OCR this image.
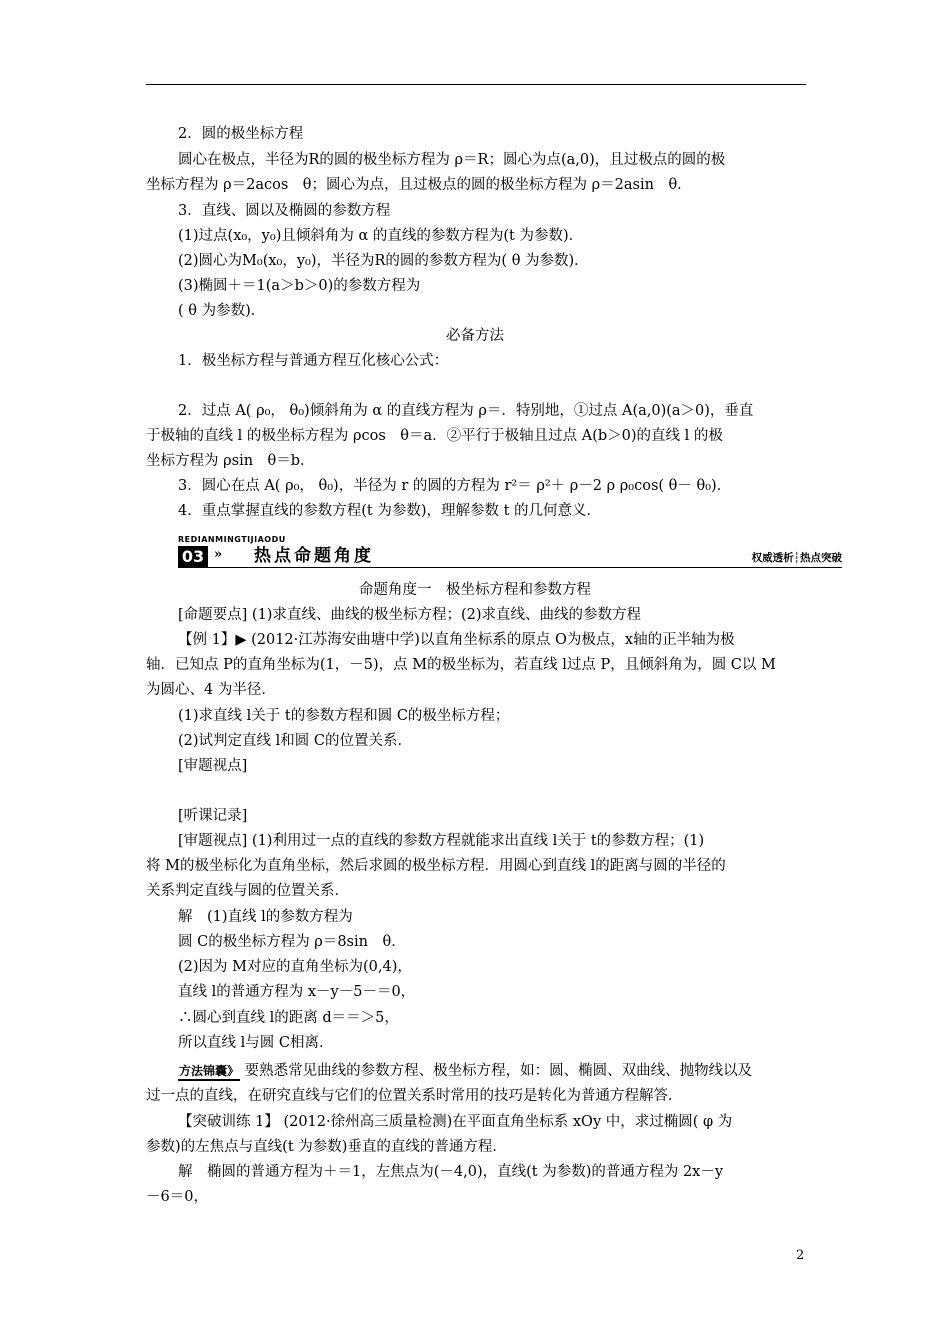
2．圆的极坐标方程
圆心在极点，半径为R的圆的极坐标方程为 ρ＝R；圆心为点(a,0)，且过极点的圆的极
坐标方程为 ρ＝2acos　θ；圆心为点，且过极点的圆的极坐标方程为 ρ＝2asin　θ．
3．直线、圆以及椭圆的参数方程
(1)过点(x₀，y₀)且倾斜角为 α 的直线的参数方程为(t 为参数)．
(2)圆心为M₀(x₀，y₀)，半径为R的圆的参数方程为( θ 为参数)．
(3)椭圆＋＝1(a＞b＞0)的参数方程为
( θ 为参数)．
必备方法
1．极坐标方程与普通方程互化核心公式：
2．过点 A( ρ₀， θ₀)倾斜角为 α 的直线方程为 ρ＝．特别地，①过点 A(a,0)(a＞0)，垂直
于极轴的直线 l 的极坐标方程为 ρcos　θ＝a．②平行于极轴且过点 A(b＞0)的直线 l 的极
坐标方程为 ρsin　θ＝b．
3．圆心在点 A( ρ₀， θ₀)，半径为 r 的圆的方程为 r²＝ ρ²＋ ρ－2 ρ ρ₀cos( θ－ θ₀)．
4．重点掌握直线的参数方程(t 为参数)，理解参数 t 的几何意义．
REDIANMINGTIJIAODU
03 » 热点命题角度	权威透析┆热点突破
命题角度一　极坐标方程和参数方程
[命题要点] (1)求直线、曲线的极坐标方程；(2)求直线、曲线的参数方程
【例 1】▶ (2012·江苏海安曲塘中学)以直角坐标系的原点 O为极点，x轴的正半轴为极
轴．已知点 P的直角坐标为(1，－5)，点 M的极坐标为，若直线 l过点 P，且倾斜角为，圆 C以 M
为圆心、4 为半径．
(1)求直线 l关于 t的参数方程和圆 C的极坐标方程；
(2)试判定直线 l和圆 C的位置关系．
[审题视点]
[听课记录]
[审题视点] (1)利用过一点的直线的参数方程就能求出直线 l关于 t的参数方程；(1)
将 M的极坐标化为直角坐标，然后求圆的极坐标方程．用圆心到直线 l的距离与圆的半径的
关系判定直线与圆的位置关系．
解　(1)直线 l的参数方程为
圆 C的极坐标方程为 ρ＝8sin　θ．
(2)因为 M对应的直角坐标为(0,4)，
直线 l的普通方程为 x－y－5－＝0，
∴圆心到直线 l的距离 d＝＝＞5，
所以直线 l与圆 C相离．
方法锦囊》 要熟悉常见曲线的参数方程、极坐标方程，如：圆、椭圆、双曲线、抛物线以及
过一点的直线，在研究直线与它们的位置关系时常用的技巧是转化为普通方程解答．
【突破训练 1】 (2012·徐州高三质量检测)在平面直角坐标系 xOy 中，求过椭圆( φ 为
参数)的左焦点与直线(t 为参数)垂直的直线的普通方程．
解　椭圆的普通方程为＋＝1，左焦点为(－4,0)，直线(t 为参数)的普通方程为 2x－y
－6＝0，
2
